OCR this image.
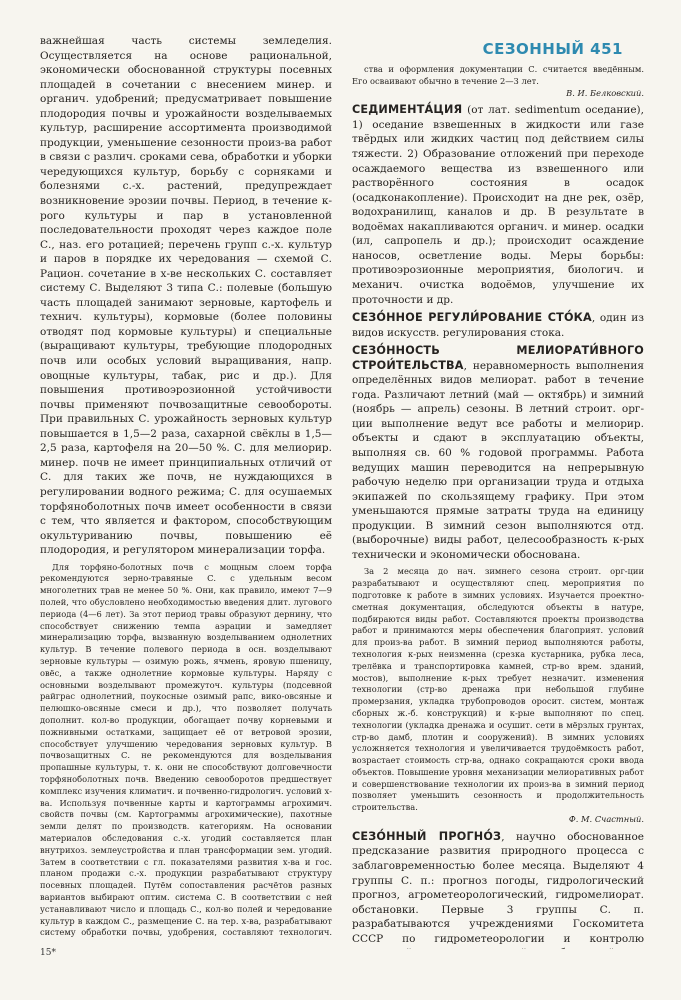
СЕЗОННЫЙ 451

важнейшая часть системы земледелия. Осуществляется на основе рациональной, экономически обоснованной структуры посевных площадей в сочетании с внесением минер. и органич. удобрений; предусматривает повышение плодородия почвы и урожайности возделываемых культур, расширение ассортимента производимой продукции, уменьшение сезонности произ-ва работ в связи с различ. сроками сева, обработки и уборки чередующихся культур, борьбу с сорняками и болезнями с.-х. растений, предупреждает возникновение эрозии почвы. Период, в течение к-рого культуры и пар в установленной последовательности проходят через каждое поле С., наз. его ротацией; перечень групп с.-х. культур и паров в порядке их чередования — схемой С. Рацион. сочетание в х-ве нескольких С. составляет систему С. Выделяют 3 типа С.: полевые (большую часть площадей занимают зерновые, картофель и технич. культуры), кормовые (более половины отводят под кормовые культуры) и специальные (выращивают культуры, требующие плодородных почв или особых условий выращивания, напр. овощные культуры, табак, рис и др.). Для повышения противоэрозионной устойчивости почвы применяют почвозащитные севообороты. При правильных С. урожайность зерновых культур повышается в 1,5—2 раза, сахарной свёклы в 1,5—2,5 раза, картофеля на 20—50 %. С. для мелиорир. минер. почв не имеет принципиальных отличий от С. для таких же почв, не нуждающихся в регулировании водного режима; С. для осушаемых торфяноболотных почв имеет особенности в связи с тем, что является и фактором, способствующим окультуриванию почвы, повышению её плодородия, и регулятором минерализации торфа.

Для торфяно-болотных почв с мощным слоем торфа рекомендуются зерно-травяные С. с удельным весом многолетних трав не менее 50 %. Они, как правило, имеют 7—9 полей, что обусловлено необходимостью введения длит. лугового периода (4—6 лет). За этот период травы образуют дернину, что способствует снижению темпа аэрации и замедляет минерализацию торфа, вызванную возделыванием однолетних культур. В течение полевого периода в осн. возделывают зерновые культуры — озимую рожь, ячмень, яровую пшеницу, овёс, а также однолетние кормовые культуры. Наряду с основными возделывают промежуточ. культуры (подсевной райграс однолетний, поукосные озимый рапс, вико-овсяные и пелюшко-овсяные смеси и др.), что позволяет получать дополнит. кол-во продукции, обогащает почву корневыми и пожнивными остатками, защищает её от ветровой эрозии, способствует улучшению чередования зерновых культур. В почвозащитных С. не рекомендуются для возделывания пропашные культуры, т. к. они не способствуют долговечности торфяноболотных почв. Введению севооборотов предшествует комплекс изучения климатич. и почвенно-гидрологич. условий х-ва. Используя почвенные карты и картограммы агрохимич. свойств почвы (см. Картограммы агрохимические), пахотные земли делят по производств. категориям. На основании материалов обследования с.-х. угодий составляется план внутрихоз. землеустройства и план трансформации зем. угодий. Затем в соответствии с гл. показателями развития х-ва и гос. планом продажи с.-х. продукции разрабатывают структуру посевных площадей. Путём сопоставления расчётов разных вариантов выбирают оптим. система С. В соответствии с ней устанавливают число и площадь С., кол-во полей и чередование культур в каждом С., размещение С. на тер. х-ва, разрабатывают систему обработки почвы, удобрения, составляют технологич.

ства и оформления документации С. считается введённым. Его осваивают обычно в течение 2—3 лет.

В. И. Белковский.

СЕДИМЕНТА́ЦИЯ (от лат. sedimentum оседание), 1) оседание взвешенных в жидкости или газе твёрдых или жидких частиц под действием силы тяжести. 2) Образование отложений при переходе осаждаемого вещества из взвешенного или растворённого состояния в осадок (осадконакопление). Происходит на дне рек, озёр, водохранилищ, каналов и др. В результате в водоёмах накапливаются органич. и минер. осадки (ил, сапропель и др.); происходит осаждение наносов, осветление воды. Меры борьбы: противоэрозионные мероприятия, биологич. и механич. очистка водоёмов, улучшение их проточности и др.

СЕЗО́ННОЕ РЕГУЛИ́РОВАНИЕ СТО́КА, один из видов искусств. регулирования стока.

СЕЗО́ННОСТЬ МЕЛИОРАТИ́ВНОГО СТРОИ́ТЕЛЬСТВА, неравномерность выполнения определённых видов мелиорат. работ в течение года. Различают летний (май — октябрь) и зимний (ноябрь — апрель) сезоны. В летний строит. орг-ции выполнение ведут все работы и мелиорир. объекты и сдают в эксплуатацию объекты, выполняя св. 60 % годовой программы. Работа ведущих машин переводится на непрерывную рабочую неделю при организации труда и отдыха экипажей по скользящему графику. При этом уменьшаются прямые затраты труда на единицу продукции. В зимний сезон выполняются отд. (выборочные) виды работ, целесообразность к-рых технически и экономически обоснована.

За 2 месяца до нач. зимнего сезона строит. орг-ции разрабатывают и осуществляют спец. мероприятия по подготовке к работе в зимних условиях. Изучается проектно-сметная документация, обследуются объекты в натуре, подбираются виды работ. Составляются проекты производства работ и принимаются меры обеспечения благоприят. условий для произ-ва работ. В зимний период выполняются работы, технология к-рых неизменна (срезка кустарника, рубка леса, трелёвка и транспортировка камней, стр-во врем. зданий, мостов), выполнение к-рых требует незначит. изменения технологии (стр-во дренажа при небольшой глубине промерзания, укладка трубопроводов оросит. систем, монтаж сборных ж.-б. конструкций) и к-рые выполняют по спец. технологии (укладка дренажа и осушит. сети в мёрзлых грунтах, стр-во дамб, плотин и сооружений). В зимних условиях усложняется технология и увеличивается трудоёмкость работ, возрастает стоимость стр-ва, однако сокращаются сроки ввода объектов. Повышение уровня механизации мелиоративных работ и совершенствование технологии их произ-ва в зимний период позволяет уменьшить сезонность и продолжительность строительства.

Ф. М. Счастный.

СЕЗО́ННЫЙ ПРОГНО́З, научно обоснованное предсказание развития природного процесса с заблаговременностью более месяца. Выделяют 4 группы С. п.: прогноз погоды, гидрологический прогноз, агрометеорологический, гидромелиорат. обстановки. Первые 3 группы С. п. разрабатываются учреждениями Госкомитета СССР по гидрометеорологии и контролю

15*
